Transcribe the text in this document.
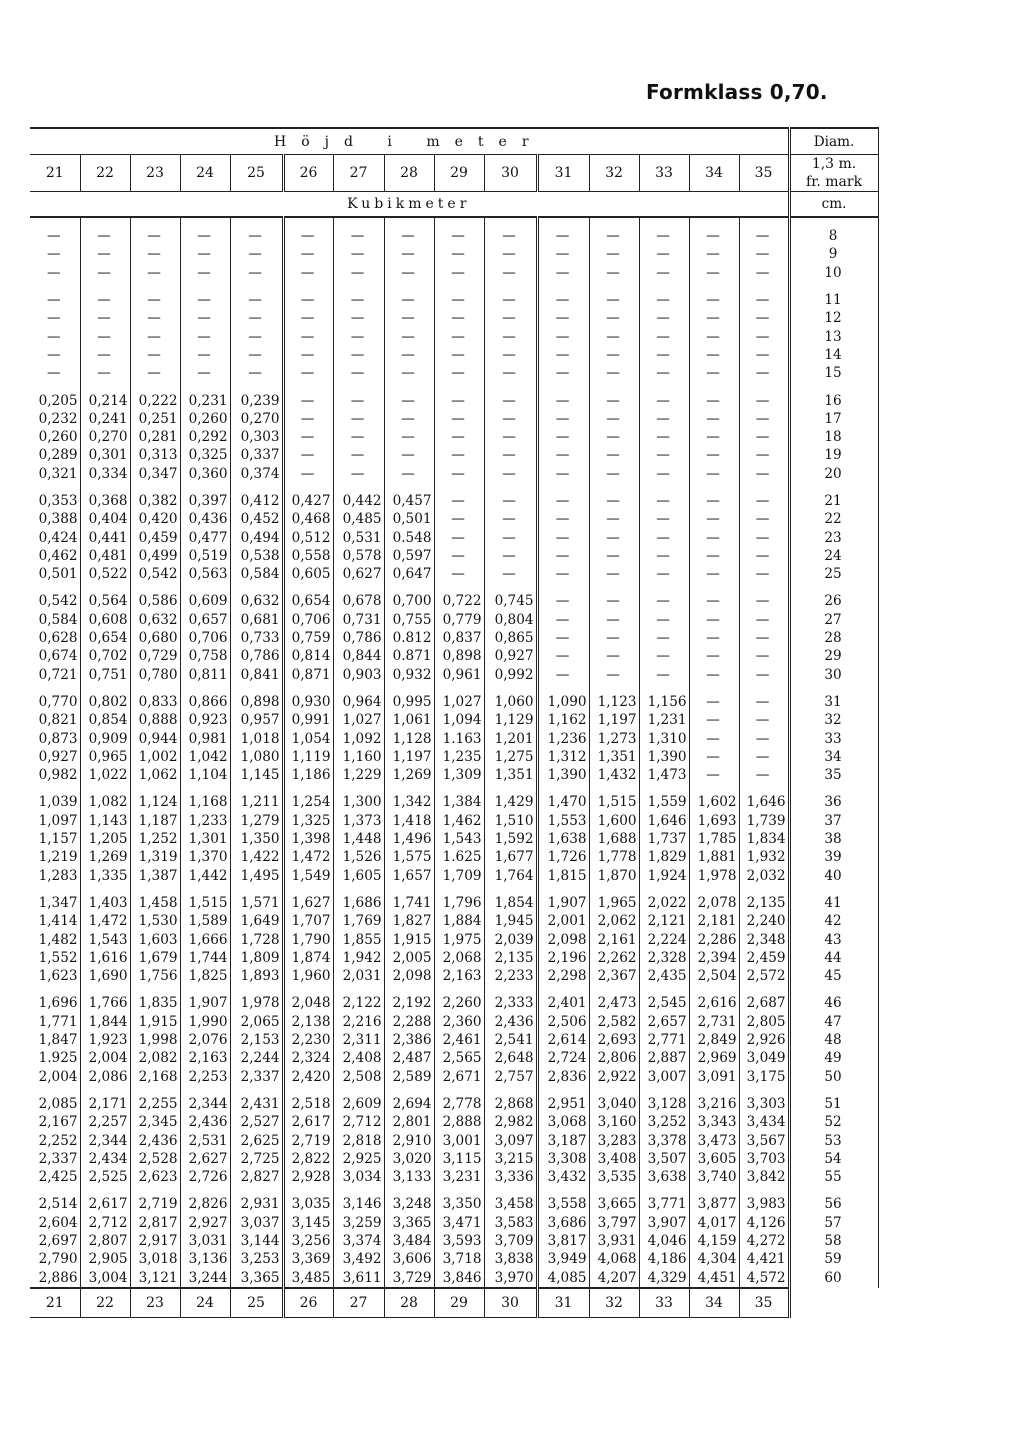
Formklass 0,70.
Höjd i meter															Diam.
21	22	23	24	25	26	27	28	29	30	31	32	33	34	35	1,3 m.
fr. mark

Kubikmeter															cm.

—	—	—	—	—	—	—	—	—	—	—	—	—	—	—	8
—	—	—	—	—	—	—	—	—	—	—	—	—	—	—	9
—	—	—	—	—	—	—	—	—	—	—	—	—	—	—	10

—	—	—	—	—	—	—	—	—	—	—	—	—	—	—	11
—	—	—	—	—	—	—	—	—	—	—	—	—	—	—	12
—	—	—	—	—	—	—	—	—	—	—	—	—	—	—	13
—	—	—	—	—	—	—	—	—	—	—	—	—	—	—	14
—	—	—	—	—	—	—	—	—	—	—	—	—	—	—	15

0,205	0,214	0,222	0,231	0,239	—	—	—	—	—	—	—	—	—	—	16
0,232	0,241	0,251	0,260	0,270	—	—	—	—	—	—	—	—	—	—	17
0,260	0,270	0,281	0,292	0,303	—	—	—	—	—	—	—	—	—	—	18
0,289	0,301	0,313	0,325	0,337	—	—	—	—	—	—	—	—	—	—	19
0,321	0,334	0,347	0,360	0,374	—	—	—	—	—	—	—	—	—	—	20

0,353	0,368	0,382	0,397	0,412	0,427	0,442	0,457	—	—	—	—	—	—	—	21
0,388	0,404	0,420	0,436	0,452	0,468	0,485	0,501	—	—	—	—	—	—	—	22
0,424	0,441	0,459	0,477	0,494	0,512	0,531	0.548	—	—	—	—	—	—	—	23
0,462	0,481	0,499	0,519	0,538	0,558	0,578	0,597	—	—	—	—	—	—	—	24
0,501	0,522	0,542	0,563	0,584	0,605	0,627	0,647	—	—	—	—	—	—	—	25

0,542	0,564	0,586	0,609	0,632	0,654	0,678	0,700	0,722	0,745	—	—	—	—	—	26
0,584	0,608	0,632	0,657	0,681	0,706	0,731	0,755	0,779	0,804	—	—	—	—	—	27
0,628	0,654	0,680	0,706	0,733	0,759	0,786	0.812	0,837	0,865	—	—	—	—	—	28
0,674	0,702	0,729	0,758	0,786	0,814	0,844	0.871	0,898	0,927	—	—	—	—	—	29
0,721	0,751	0,780	0,811	0,841	0,871	0,903	0,932	0,961	0,992	—	—	—	—	—	30

0,770	0,802	0,833	0,866	0,898	0,930	0,964	0,995	1,027	1,060	1,090	1,123	1,156	—	—	31
0,821	0,854	0,888	0,923	0,957	0,991	1,027	1,061	1,094	1,129	1,162	1,197	1,231	—	—	32
0,873	0,909	0,944	0,981	1,018	1,054	1,092	1,128	1.163	1,201	1,236	1,273	1,310	—	—	33
0,927	0,965	1,002	1,042	1,080	1,119	1,160	1,197	1,235	1,275	1,312	1,351	1,390	—	—	34
0,982	1,022	1,062	1,104	1,145	1,186	1,229	1,269	1,309	1,351	1,390	1,432	1,473	—	—	35

1,039	1,082	1,124	1,168	1,211	1,254	1,300	1,342	1,384	1,429	1,470	1,515	1,559	1,602	1,646	36
1,097	1,143	1,187	1,233	1,279	1,325	1,373	1,418	1,462	1,510	1,553	1,600	1,646	1,693	1,739	37
1,157	1,205	1,252	1,301	1,350	1,398	1,448	1,496	1,543	1,592	1,638	1,688	1,737	1,785	1,834	38
1,219	1,269	1,319	1,370	1,422	1,472	1,526	1,575	1.625	1,677	1,726	1,778	1,829	1,881	1,932	39
1,283	1,335	1,387	1,442	1,495	1,549	1,605	1,657	1,709	1,764	1,815	1,870	1,924	1,978	2,032	40

1,347	1,403	1,458	1,515	1,571	1,627	1,686	1,741	1,796	1,854	1,907	1,965	2,022	2,078	2,135	41
1,414	1,472	1,530	1,589	1,649	1,707	1,769	1,827	1,884	1,945	2,001	2,062	2,121	2,181	2,240	42
1,482	1,543	1,603	1,666	1,728	1,790	1,855	1,915	1,975	2,039	2,098	2,161	2,224	2,286	2,348	43
1,552	1,616	1,679	1,744	1,809	1,874	1,942	2,005	2,068	2,135	2,196	2,262	2,328	2,394	2,459	44
1,623	1,690	1,756	1,825	1,893	1,960	2,031	2,098	2,163	2,233	2,298	2,367	2,435	2,504	2,572	45

1,696	1,766	1,835	1,907	1,978	2,048	2,122	2,192	2,260	2,333	2,401	2,473	2,545	2,616	2,687	46
1,771	1,844	1,915	1,990	2,065	2,138	2,216	2,288	2,360	2,436	2,506	2,582	2,657	2,731	2,805	47
1,847	1,923	1,998	2,076	2,153	2,230	2,311	2,386	2,461	2,541	2,614	2,693	2,771	2,849	2,926	48
1.925	2,004	2,082	2,163	2,244	2,324	2,408	2,487	2,565	2,648	2,724	2,806	2,887	2,969	3,049	49
2,004	2,086	2,168	2,253	2,337	2,420	2,508	2,589	2,671	2,757	2,836	2,922	3,007	3,091	3,175	50

2,085	2,171	2,255	2,344	2,431	2,518	2,609	2,694	2,778	2,868	2,951	3,040	3,128	3,216	3,303	51
2,167	2,257	2,345	2,436	2,527	2,617	2,712	2,801	2,888	2,982	3,068	3,160	3,252	3,343	3,434	52
2,252	2,344	2,436	2,531	2,625	2,719	2,818	2,910	3,001	3,097	3,187	3,283	3,378	3,473	3,567	53
2,337	2,434	2,528	2,627	2,725	2,822	2,925	3,020	3,115	3,215	3,308	3,408	3,507	3,605	3,703	54
2,425	2,525	2,623	2,726	2,827	2,928	3,034	3,133	3,231	3,336	3,432	3,535	3,638	3,740	3,842	55

2,514	2,617	2,719	2,826	2,931	3,035	3,146	3,248	3,350	3,458	3,558	3,665	3,771	3,877	3,983	56
2,604	2,712	2,817	2,927	3,037	3,145	3,259	3,365	3,471	3,583	3,686	3,797	3,907	4,017	4,126	57
2,697	2,807	2,917	3,031	3,144	3,256	3,374	3,484	3,593	3,709	3,817	3,931	4,046	4,159	4,272	58
2,790	2,905	3,018	3,136	3,253	3,369	3,492	3,606	3,718	3,838	3,949	4,068	4,186	4,304	4,421	59
2,886	3,004	3,121	3,244	3,365	3,485	3,611	3,729	3,846	3,970	4,085	4,207	4,329	4,451	4,572	60
21	22	23	24	25	26	27	28	29	30	31	32	33	34	35	
